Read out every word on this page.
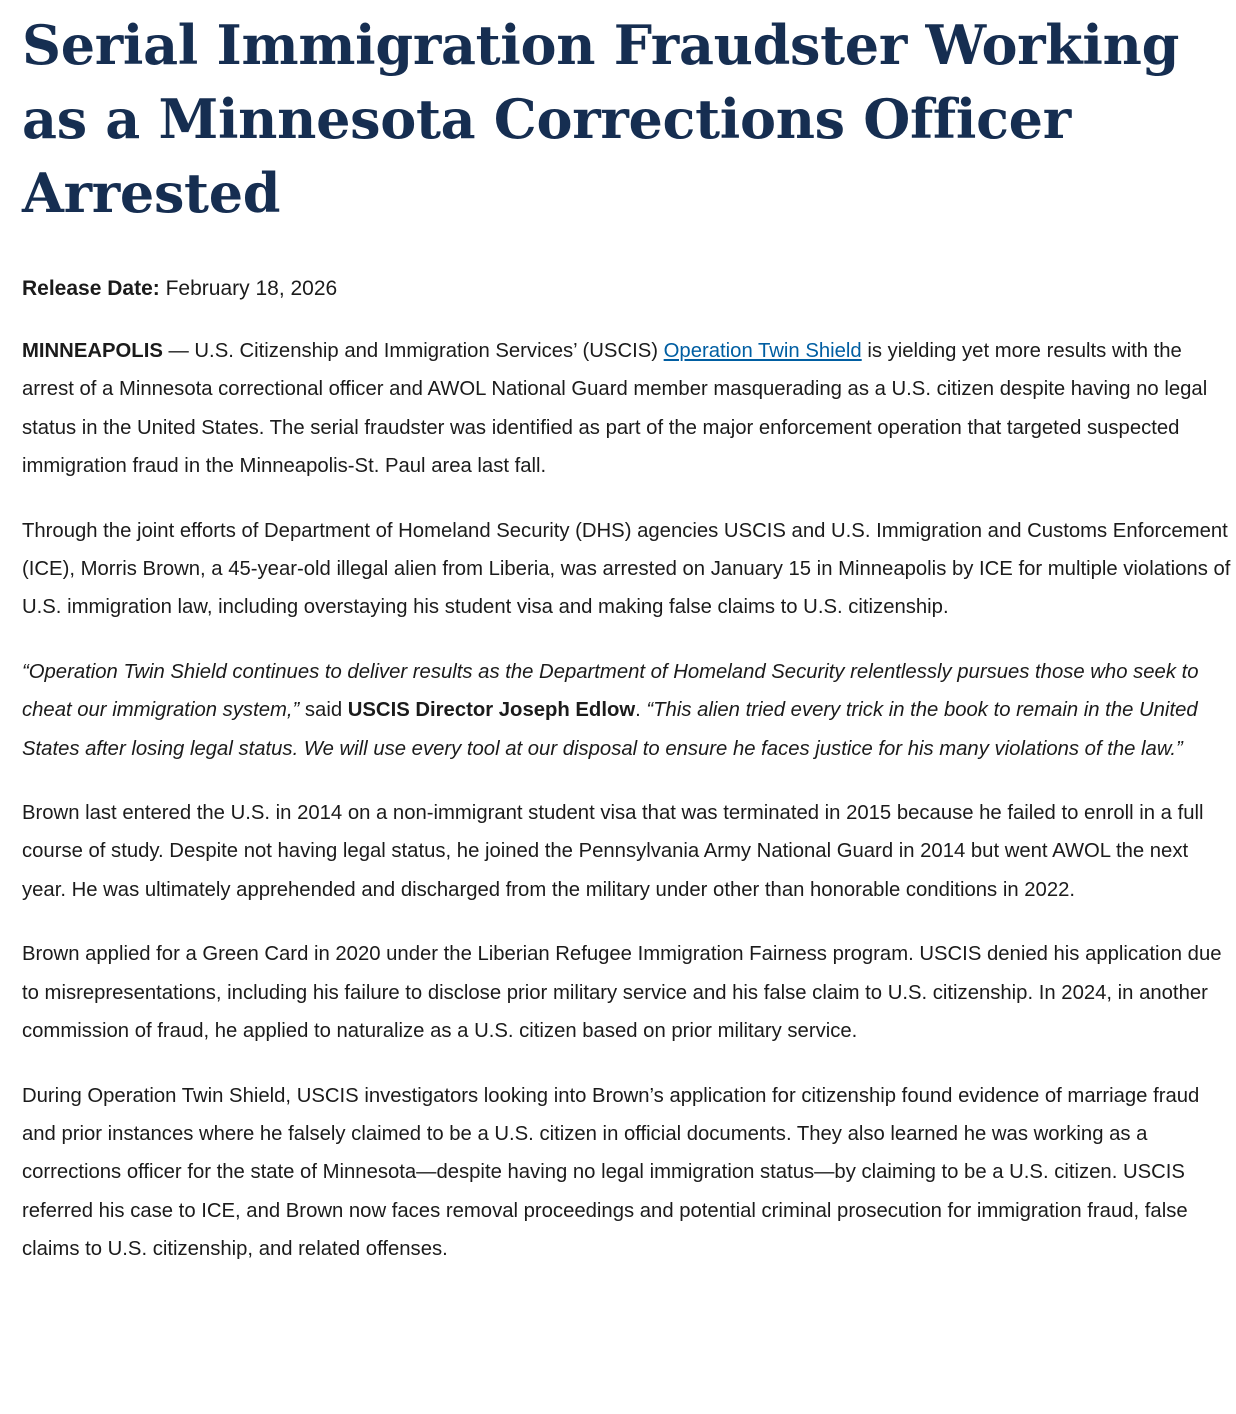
Serial Immigration Fraudster Working as a Minnesota Corrections Officer Arrested
Release Date: February 18, 2026

MINNEAPOLIS — U.S. Citizenship and Immigration Services’ (USCIS) Operation Twin Shield is yielding yet more results with the arrest of a Minnesota correctional officer and AWOL National Guard member masquerading as a U.S. citizen despite having no legal status in the United States. The serial fraudster was identified as part of the major enforcement operation that targeted suspected immigration fraud in the Minneapolis-St. Paul area last fall.

Through the joint efforts of Department of Homeland Security (DHS) agencies USCIS and U.S. Immigration and Customs Enforcement (ICE), Morris Brown, a 45-year-old illegal alien from Liberia, was arrested on January 15 in Minneapolis by ICE for multiple violations of U.S. immigration law, including overstaying his student visa and making false claims to U.S. citizenship.

“Operation Twin Shield continues to deliver results as the Department of Homeland Security relentlessly pursues those who seek to cheat our immigration system,” said USCIS Director Joseph Edlow. “This alien tried every trick in the book to remain in the United States after losing legal status. We will use every tool at our disposal to ensure he faces justice for his many violations of the law.”

Brown last entered the U.S. in 2014 on a non-immigrant student visa that was terminated in 2015 because he failed to enroll in a full course of study. Despite not having legal status, he joined the Pennsylvania Army National Guard in 2014 but went AWOL the next year. He was ultimately apprehended and discharged from the military under other than honorable conditions in 2022.

Brown applied for a Green Card in 2020 under the Liberian Refugee Immigration Fairness program. USCIS denied his application due to misrepresentations, including his failure to disclose prior military service and his false claim to U.S. citizenship. In 2024, in another commission of fraud, he applied to naturalize as a U.S. citizen based on prior military service.

During Operation Twin Shield, USCIS investigators looking into Brown’s application for citizenship found evidence of marriage fraud and prior instances where he falsely claimed to be a U.S. citizen in official documents. They also learned he was working as a corrections officer for the state of Minnesota—despite having no legal immigration status—by claiming to be a U.S. citizen. USCIS referred his case to ICE, and Brown now faces removal proceedings and potential criminal prosecution for immigration fraud, false claims to U.S. citizenship, and related offenses.
